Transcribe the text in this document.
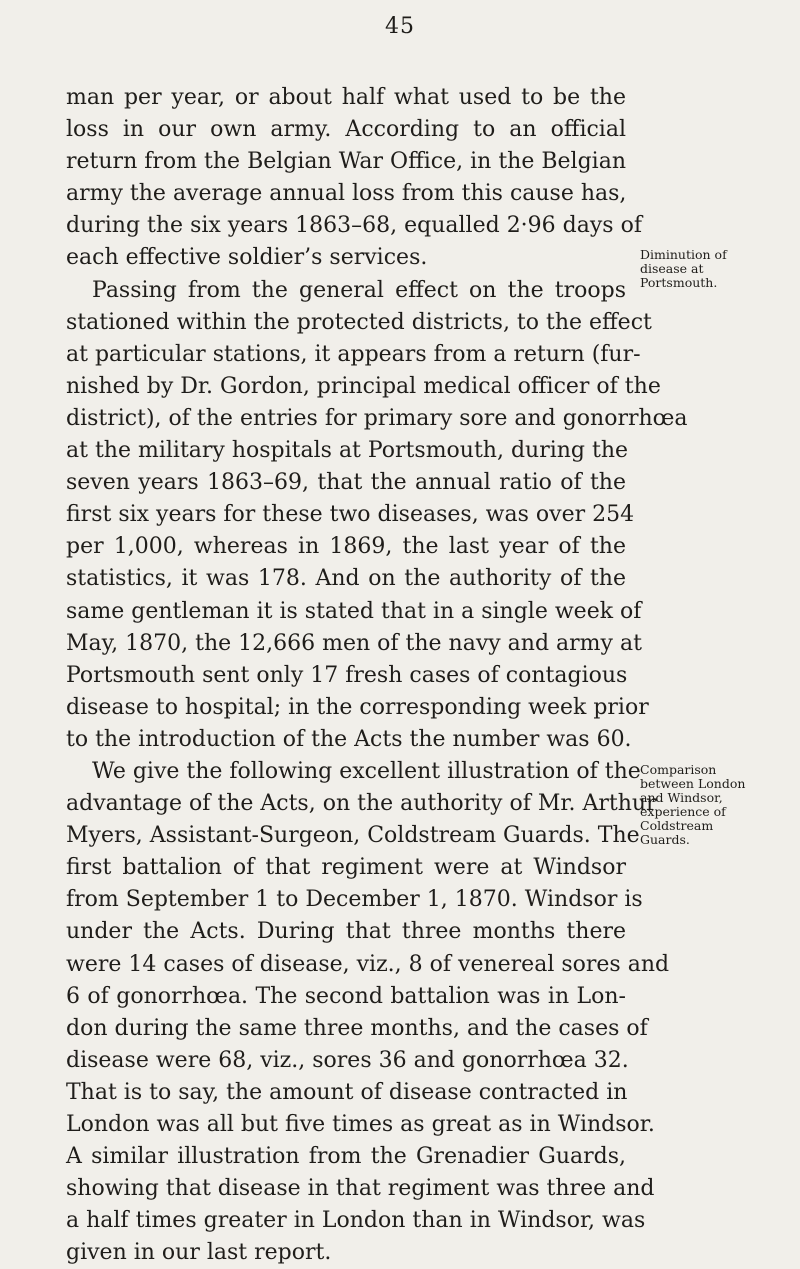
45
man per year, or about half what used to be the
loss in our own army. According to an official
return from the Belgian War Office, in the Belgian
army the average annual loss from this cause has,
during the six years 1863–68, equalled 2·96 days of
each effective soldier’s services.
Passing from the general effect on the troops
stationed within the protected districts, to the effect
at particular stations, it appears from a return (fur-
nished by Dr. Gordon, principal medical officer of the
district), of the entries for primary sore and gonorrhœa
at the military hospitals at Portsmouth, during the
seven years 1863–69, that the annual ratio of the
first six years for these two diseases, was over 254
per 1,000, whereas in 1869, the last year of the
statistics, it was 178. And on the authority of the
same gentleman it is stated that in a single week of
May, 1870, the 12,666 men of the navy and army at
Portsmouth sent only 17 fresh cases of contagious
disease to hospital; in the corresponding week prior
to the introduction of the Acts the number was 60.
We give the following excellent illustration of the
advantage of the Acts, on the authority of Mr. Arthur
Myers, Assistant-Surgeon, Coldstream Guards. The
first battalion of that regiment were at Windsor
from September 1 to December 1, 1870. Windsor is
under the Acts. During that three months there
were 14 cases of disease, viz., 8 of venereal sores and
6 of gonorrhœa. The second battalion was in Lon-
don during the same three months, and the cases of
disease were 68, viz., sores 36 and gonorrhœa 32.
That is to say, the amount of disease contracted in
London was all but five times as great as in Windsor.
A similar illustration from the Grenadier Guards,
showing that disease in that regiment was three and
a half times greater in London than in Windsor, was
given in our last report.
Diminution of
disease at
Portsmouth.
Comparison
between London
and Windsor,
experience of
Coldstream
Guards.
